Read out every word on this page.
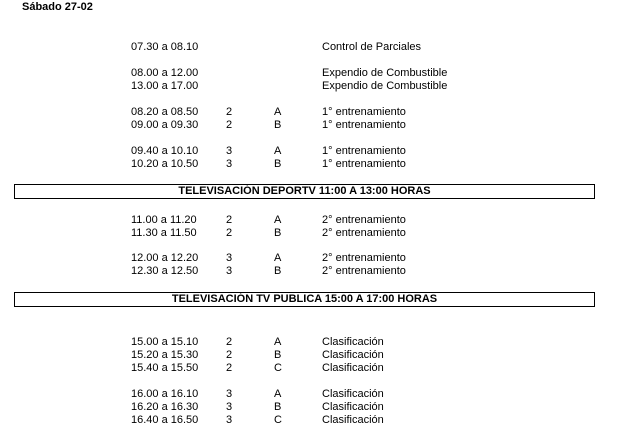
Sábado 27-02
07.30 a 08.10	Control de Parciales
08.00 a 12.00	Expendio de Combustible
13.00 a 17.00	Expendio de Combustible
08.20 a 08.50	2	A	1° entrenamiento
09.00 a 09.30	2	B	1° entrenamiento
09.40 a 10.10	3	A	1° entrenamiento
10.20 a 10.50	3	B	1° entrenamiento
TELEVISACIÓN DEPORTV 11:00 A 13:00 HORAS
11.00 a 11.20	2	A	2° entrenamiento
11.30 a 11.50	2	B	2° entrenamiento
12.00 a 12.20	3	A	2° entrenamiento
12.30 a 12.50	3	B	2° entrenamiento
TELEVISACIÓN TV PUBLICA 15:00 A 17:00 HORAS
15.00 a 15.10	2	A	Clasificación
15.20 a 15.30	2	B	Clasificación
15.40 a 15.50	2	C	Clasificación
16.00 a 16.10	3	A	Clasificación
16.20 a 16.30	3	B	Clasificación
16.40 a 16.50	3	C	Clasificación
